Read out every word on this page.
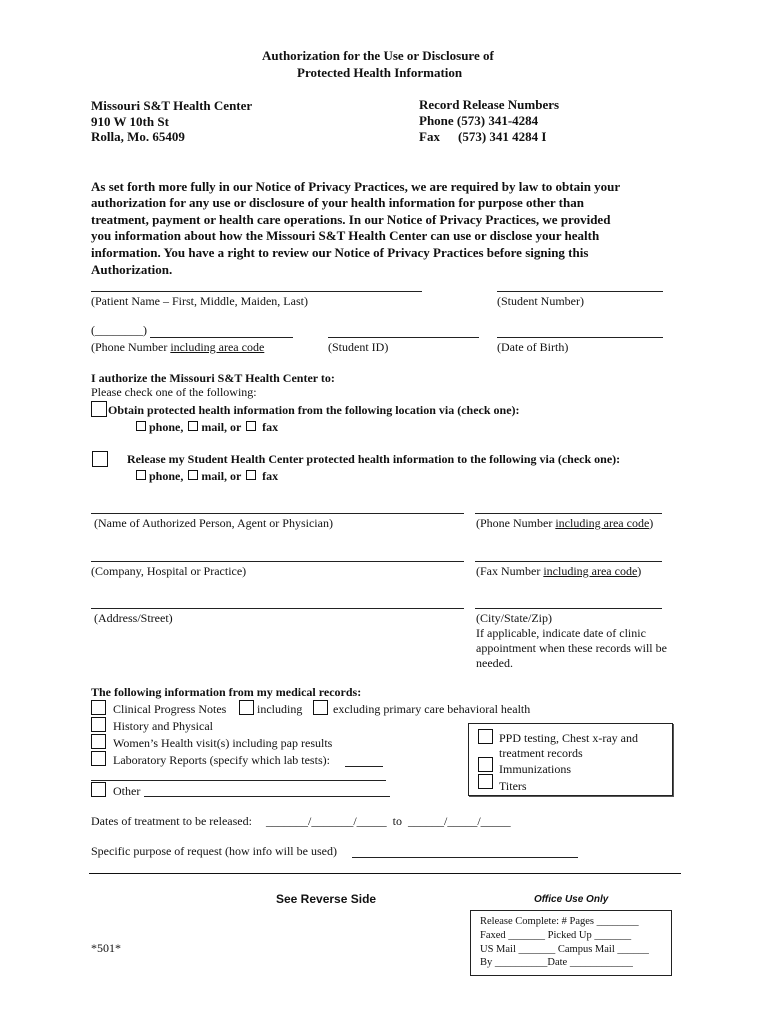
Authorization for the Use or Disclosure of
Protected Health Information
Missouri S&T Health Center
910 W 10th St
Rolla, Mo. 65409
Record Release Numbers
Phone (573) 341-4284
Fax (573) 341 4284 I
As set forth more fully in our Notice of Privacy Practices, we are required by law to obtain your
authorization for any use or disclosure of your health information for purpose other than
treatment, payment or health care operations. In our Notice of Privacy Practices, we provided
you information about how the Missouri S&T Health Center can use or disclose your health
information. You have a right to review our Notice of Privacy Practices before signing this
Authorization.
(Patient Name – First, Middle, Maiden, Last)	(Student Number)
(________)
(Phone Number including area code	(Student ID)	(Date of Birth)
I authorize the Missouri S&T Health Center to:
Please check one of the following:
Obtain protected health information from the following location via (check one):
phone, mail, or fax
Release my Student Health Center protected health information to the following via (check one):
phone, mail, or fax
(Name of Authorized Person, Agent or Physician)	(Phone Number including area code)
(Company, Hospital or Practice)	(Fax Number including area code)
(Address/Street)	(City/State/Zip)
If applicable, indicate date of clinic
appointment when these records will be
needed.
The following information from my medical records:
Clinical Progress Notes	including	excluding primary care behavioral health
History and Physical
Women’s Health visit(s) including pap results
Laboratory Reports (specify which lab tests):
Other
PPD testing, Chest x-ray and
treatment records
Immunizations
Titers
Dates of treatment to be released: _______/_______/_____  to  ______/_____/_____
Specific purpose of request (how info will be used)
See Reverse Side	Office Use Only
*501*
Release Complete: # Pages ________
Faxed _______ Picked Up _______
US Mail _______ Campus Mail ______
By __________Date ____________
